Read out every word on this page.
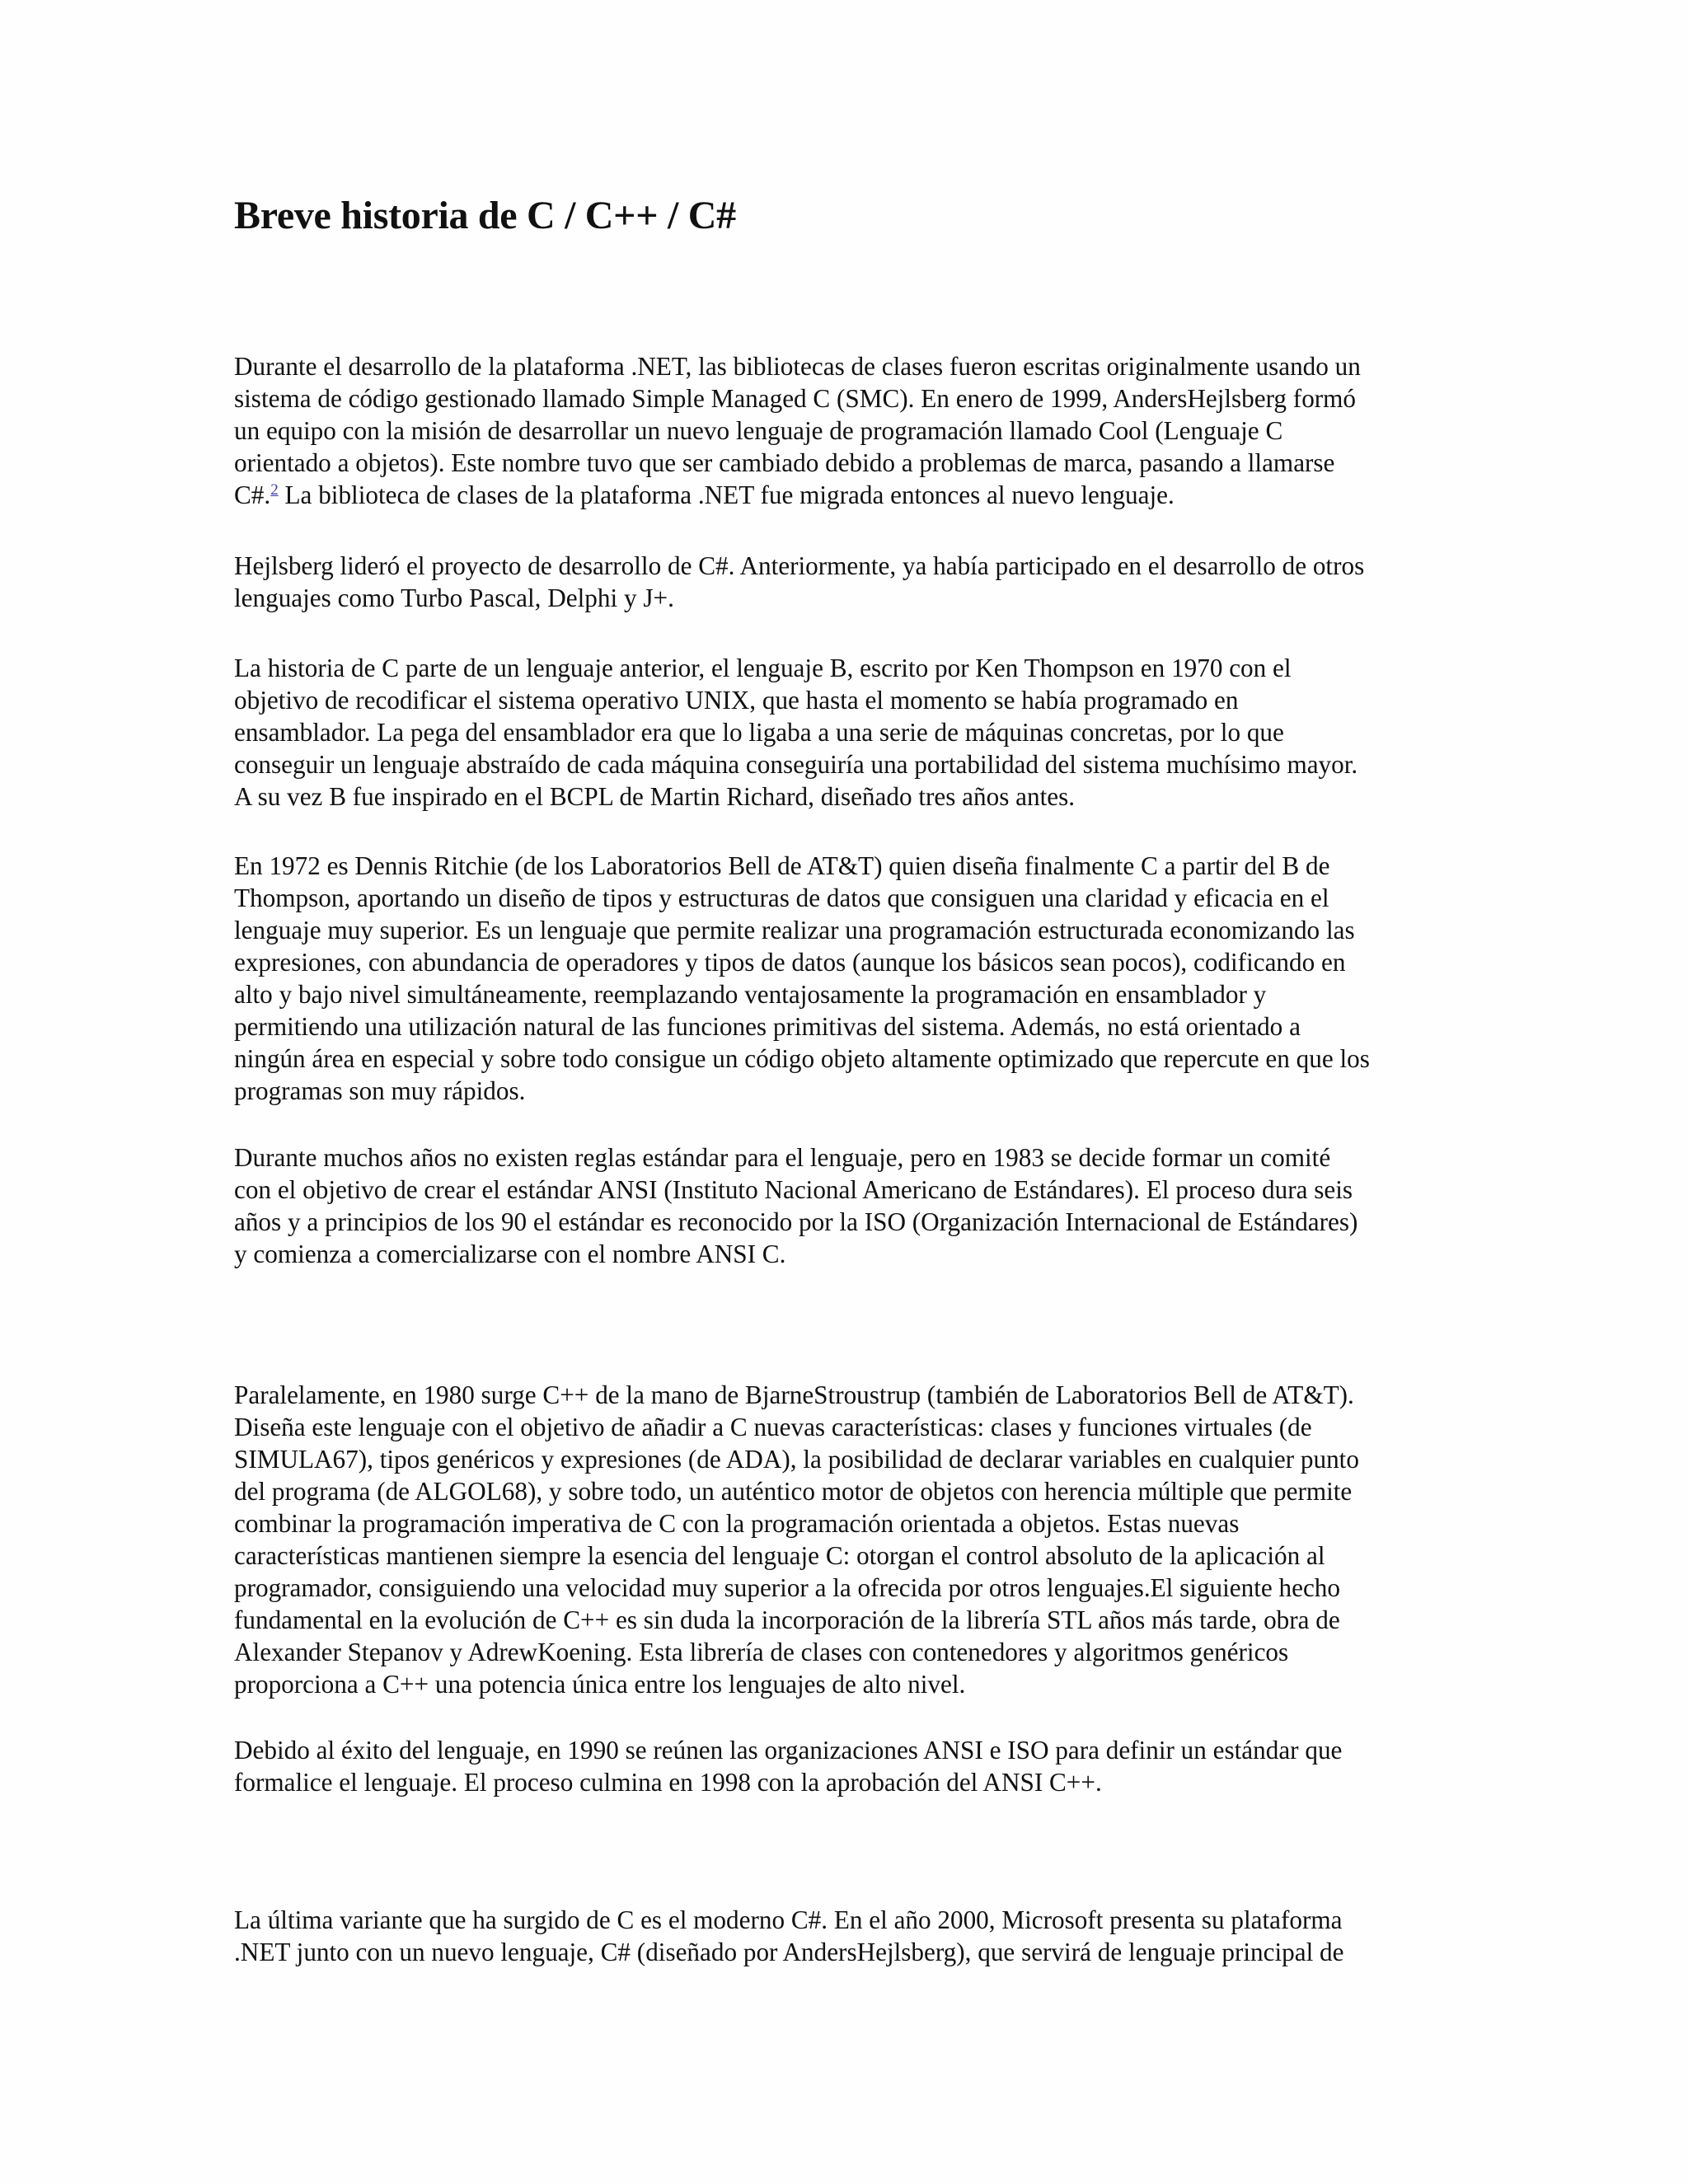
Breve historia de C / C++ / C#

Durante el desarrollo de la plataforma .NET, las bibliotecas de clases fueron escritas originalmente usando un
sistema de código gestionado llamado Simple Managed C (SMC). En enero de 1999, AndersHejlsberg formó
un equipo con la misión de desarrollar un nuevo lenguaje de programación llamado Cool (Lenguaje C
orientado a objetos). Este nombre tuvo que ser cambiado debido a problemas de marca, pasando a llamarse
C#.$^2$ La biblioteca de clases de la plataforma .NET fue migrada entonces al nuevo lenguaje.

Hejlsberg lideró el proyecto de desarrollo de C#. Anteriormente, ya había participado en el desarrollo de otros
lenguajes como Turbo Pascal, Delphi y J+.

La historia de C parte de un lenguaje anterior, el lenguaje B, escrito por Ken Thompson en 1970 con el
objetivo de recodificar el sistema operativo UNIX, que hasta el momento se había programado en
ensamblador. La pega del ensamblador era que lo ligaba a una serie de máquinas concretas, por lo que
conseguir un lenguaje abstraído de cada máquina conseguiría una portabilidad del sistema muchísimo mayor.
A su vez B fue inspirado en el BCPL de Martin Richard, diseñado tres años antes.

En 1972 es Dennis Ritchie (de los Laboratorios Bell de AT&T) quien diseña finalmente C a partir del B de
Thompson, aportando un diseño de tipos y estructuras de datos que consiguen una claridad y eficacia en el
lenguaje muy superior. Es un lenguaje que permite realizar una programación estructurada economizando las
expresiones, con abundancia de operadores y tipos de datos (aunque los básicos sean pocos), codificando en
alto y bajo nivel simultáneamente, reemplazando ventajosamente la programación en ensamblador y
permitiendo una utilización natural de las funciones primitivas del sistema. Además, no está orientado a
ningún área en especial y sobre todo consigue un código objeto altamente optimizado que repercute en que los
programas son muy rápidos.

Durante muchos años no existen reglas estándar para el lenguaje, pero en 1983 se decide formar un comité
con el objetivo de crear el estándar ANSI (Instituto Nacional Americano de Estándares). El proceso dura seis
años y a principios de los 90 el estándar es reconocido por la ISO (Organización Internacional de Estándares)
y comienza a comercializarse con el nombre ANSI C.

Paralelamente, en 1980 surge C++ de la mano de BjarneStroustrup (también de Laboratorios Bell de AT&T).
Diseña este lenguaje con el objetivo de añadir a C nuevas características: clases y funciones virtuales (de
SIMULA67), tipos genéricos y expresiones (de ADA), la posibilidad de declarar variables en cualquier punto
del programa (de ALGOL68), y sobre todo, un auténtico motor de objetos con herencia múltiple que permite
combinar la programación imperativa de C con la programación orientada a objetos. Estas nuevas
características mantienen siempre la esencia del lenguaje C: otorgan el control absoluto de la aplicación al
programador, consiguiendo una velocidad muy superior a la ofrecida por otros lenguajes.El siguiente hecho
fundamental en la evolución de C++ es sin duda la incorporación de la librería STL años más tarde, obra de
Alexander Stepanov y AdrewKoening. Esta librería de clases con contenedores y algoritmos genéricos
proporciona a C++ una potencia única entre los lenguajes de alto nivel.

Debido al éxito del lenguaje, en 1990 se reúnen las organizaciones ANSI e ISO para definir un estándar que
formalice el lenguaje. El proceso culmina en 1998 con la aprobación del ANSI C++.

La última variante que ha surgido de C es el moderno C#. En el año 2000, Microsoft presenta su plataforma
.NET junto con un nuevo lenguaje, C# (diseñado por AndersHejlsberg), que servirá de lenguaje principal de
